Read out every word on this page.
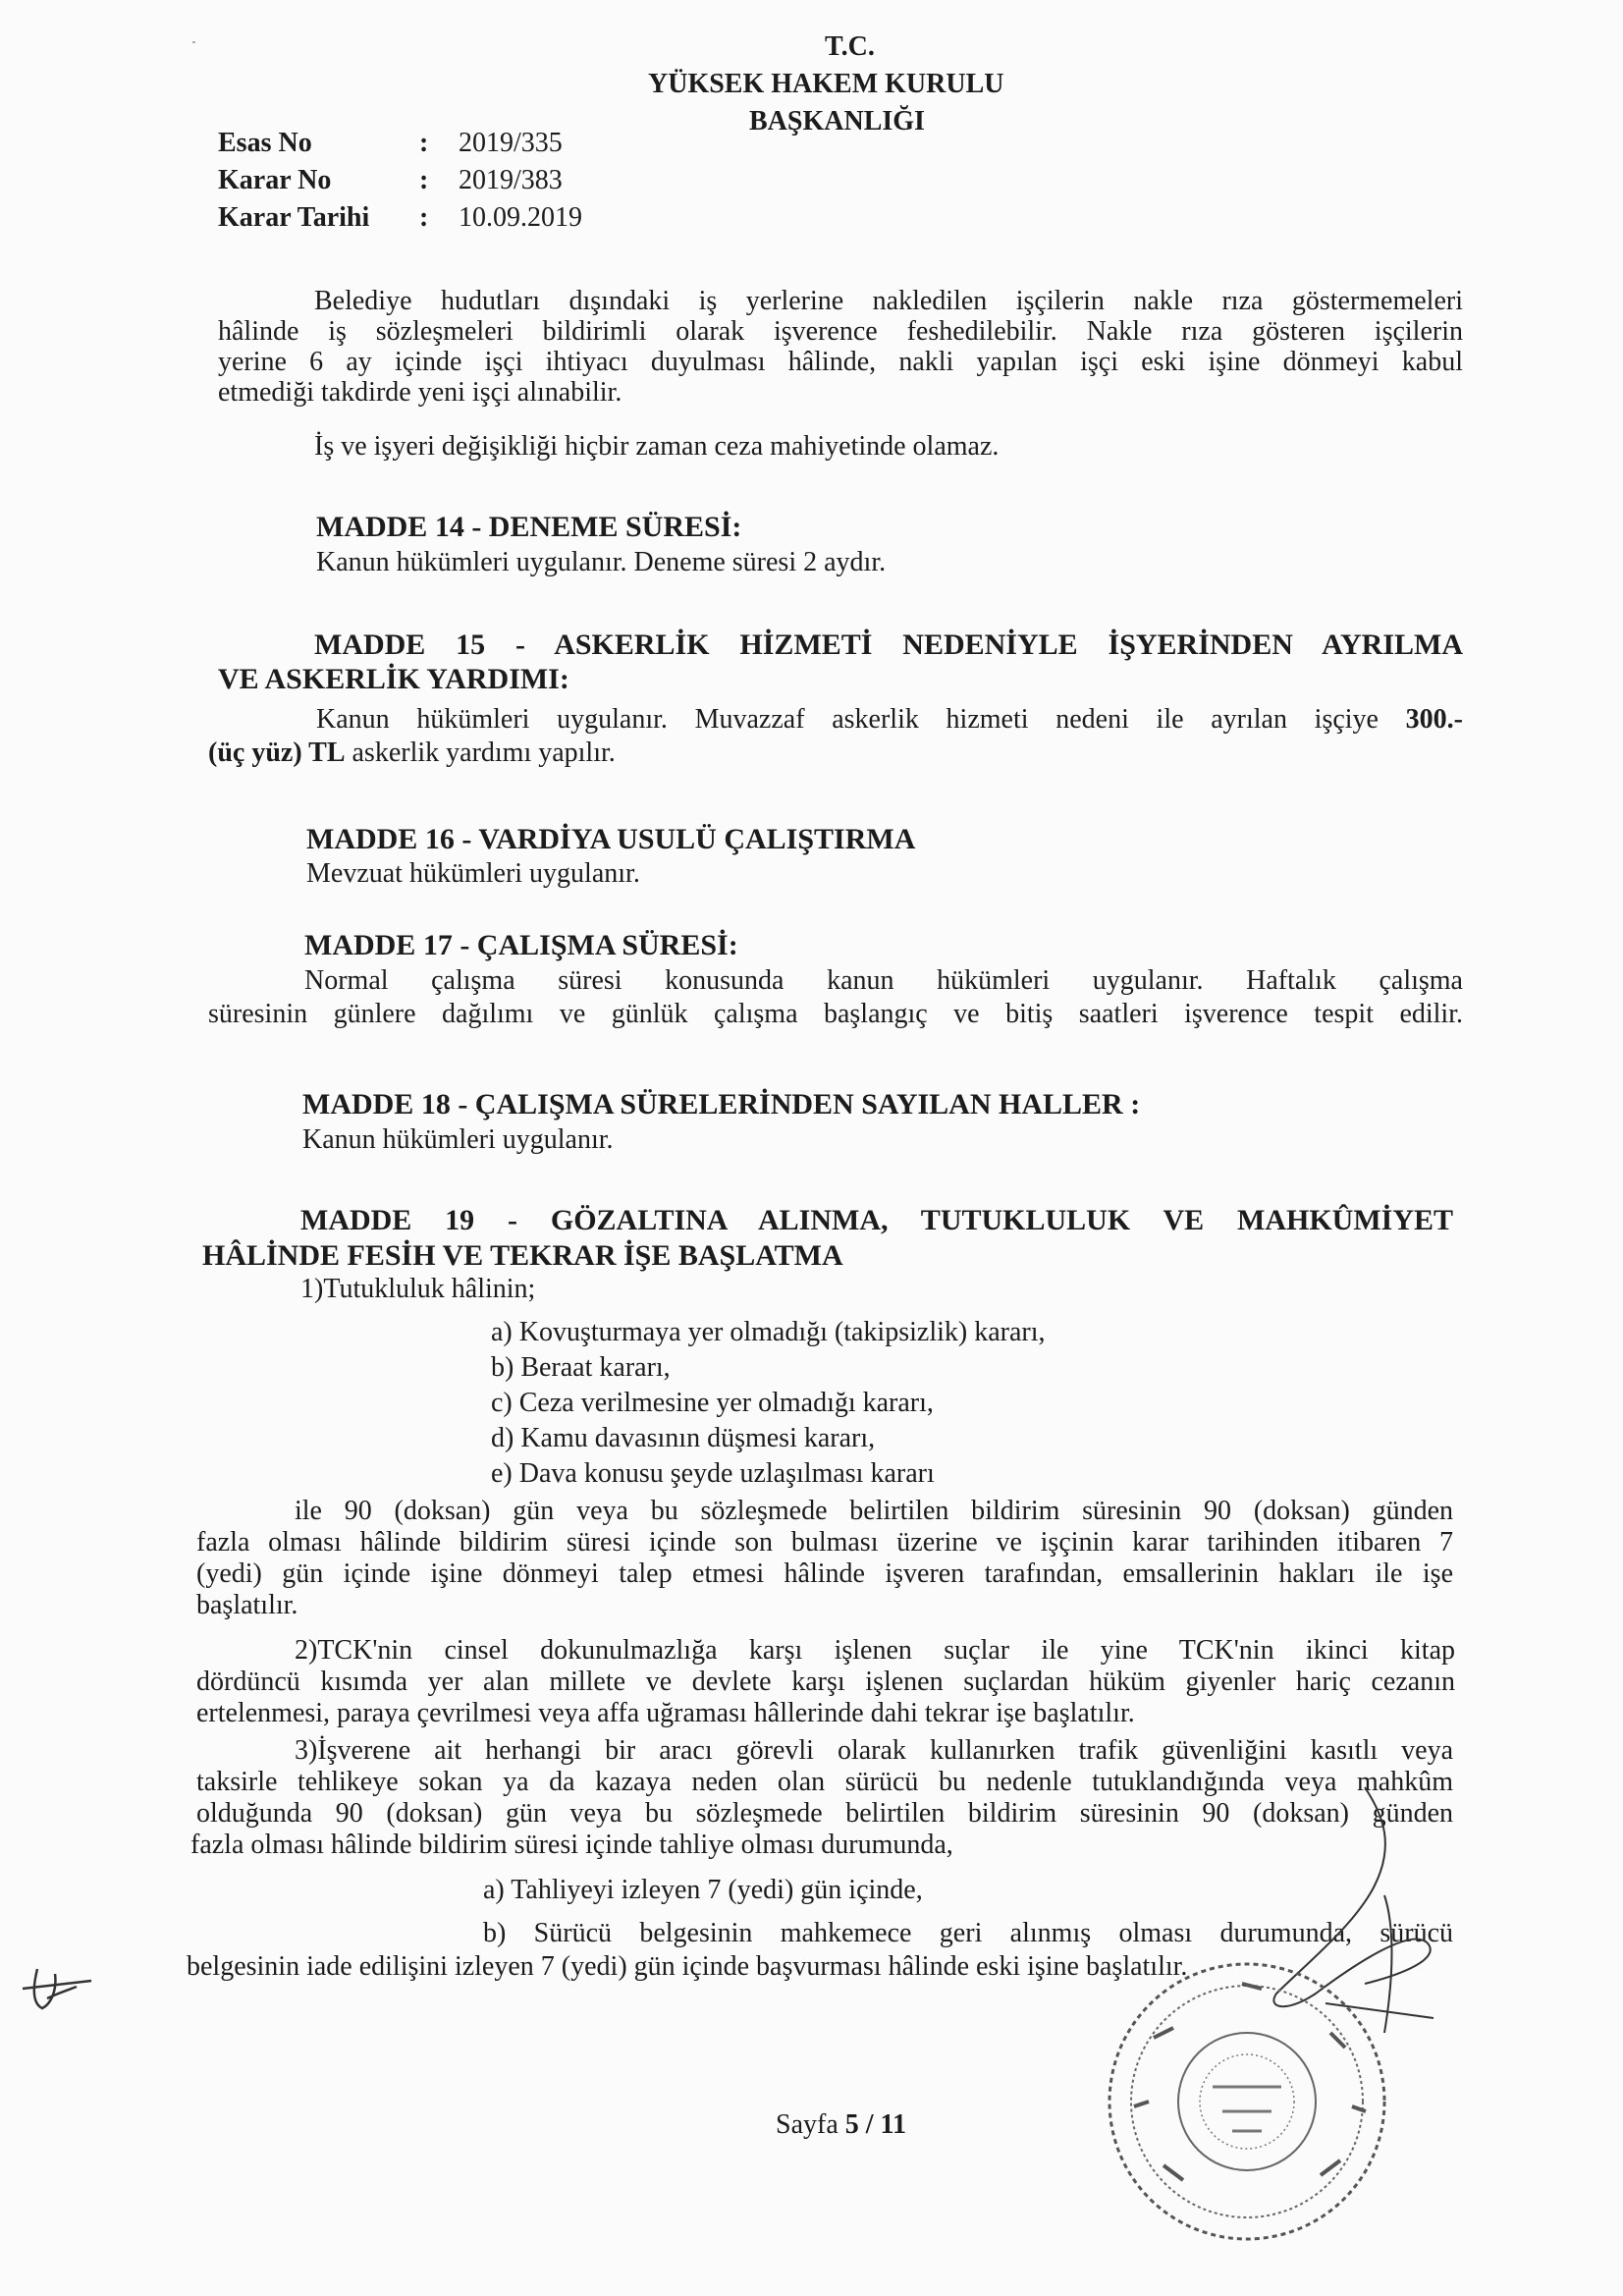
T.C.
YÜKSEK HAKEM KURULU
BAŞKANLIĞI
Esas No	:	2019/335
Karar No	:	2019/383
Karar Tarihi	:	10.09.2019
Belediye hudutları dışındaki iş yerlerine nakledilen işçilerin nakle rıza göstermemeleri
hâlinde iş sözleşmeleri bildirimli olarak işverence feshedilebilir. Nakle rıza gösteren işçilerin
yerine 6 ay içinde işçi ihtiyacı duyulması hâlinde, nakli yapılan işçi eski işine dönmeyi kabul
etmediği takdirde yeni işçi alınabilir.
İş ve işyeri değişikliği hiçbir zaman ceza mahiyetinde olamaz.
MADDE 14 - DENEME SÜRESİ:
Kanun hükümleri uygulanır. Deneme süresi 2 aydır.
MADDE 15 - ASKERLİK HİZMETİ NEDENİYLE İŞYERİNDEN AYRILMA
VE ASKERLİK YARDIMI:
Kanun hükümleri uygulanır. Muvazzaf askerlik hizmeti nedeni ile ayrılan işçiye 300.-
(üç yüz) TL askerlik yardımı yapılır.
MADDE 16 - VARDİYA USULÜ ÇALIŞTIRMA
Mevzuat hükümleri uygulanır.
MADDE 17 - ÇALIŞMA SÜRESİ:
Normal çalışma süresi konusunda kanun hükümleri uygulanır. Haftalık çalışma
süresinin günlere dağılımı ve günlük çalışma başlangıç ve bitiş saatleri işverence tespit edilir.
MADDE 18 - ÇALIŞMA SÜRELERİNDEN SAYILAN HALLER :
Kanun hükümleri uygulanır.
MADDE 19 - GÖZALTINA ALINMA, TUTUKLULUK VE MAHKÛMİYET
HÂLİNDE FESİH VE TEKRAR İŞE BAŞLATMA
1)Tutukluluk hâlinin;
a) Kovuşturmaya yer olmadığı (takipsizlik) kararı,
b) Beraat kararı,
c) Ceza verilmesine yer olmadığı kararı,
d) Kamu davasının düşmesi kararı,
e) Dava konusu şeyde uzlaşılması kararı
ile 90 (doksan) gün veya bu sözleşmede belirtilen bildirim süresinin 90 (doksan) günden
fazla olması hâlinde bildirim süresi içinde son bulması üzerine ve işçinin karar tarihinden itibaren 7
(yedi) gün içinde işine dönmeyi talep etmesi hâlinde işveren tarafından, emsallerinin hakları ile işe
başlatılır.
2)TCK'nin cinsel dokunulmazlığa karşı işlenen suçlar ile yine TCK'nin ikinci kitap
dördüncü kısımda yer alan millete ve devlete karşı işlenen suçlardan hüküm giyenler hariç cezanın
ertelenmesi, paraya çevrilmesi veya affa uğraması hâllerinde dahi tekrar işe başlatılır.
3)İşverene ait herhangi bir aracı görevli olarak kullanırken trafik güvenliğini kasıtlı veya
taksirle tehlikeye sokan ya da kazaya neden olan sürücü bu nedenle tutuklandığında veya mahkûm
olduğunda 90 (doksan) gün veya bu sözleşmede belirtilen bildirim süresinin 90 (doksan) günden
fazla olması hâlinde bildirim süresi içinde tahliye olması durumunda,
a) Tahliyeyi izleyen 7 (yedi) gün içinde,
b) Sürücü belgesinin mahkemece geri alınmış olması durumunda, sürücü
belgesinin iade edilişini izleyen 7 (yedi) gün içinde başvurması hâlinde eski işine başlatılır.
Sayfa 5 / 11
